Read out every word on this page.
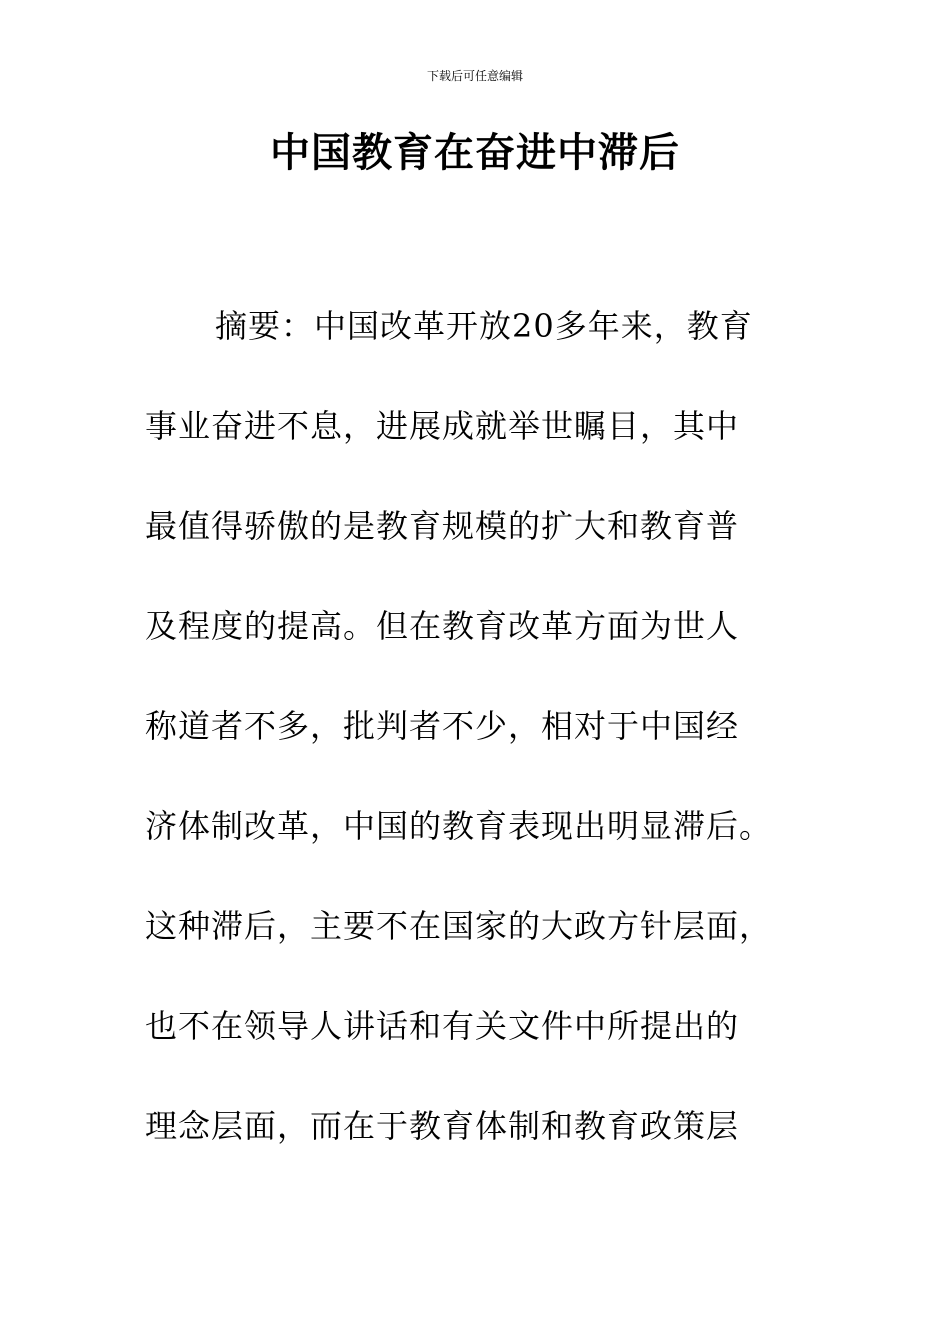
下载后可任意编辑
中国教育在奋进中滞后
摘要：中国改革开放20多年来，教育
事业奋进不息，进展成就举世瞩目，其中
最值得骄傲的是教育规模的扩大和教育普
及程度的提高。但在教育改革方面为世人
称道者不多，批判者不少，相对于中国经
济体制改革，中国的教育表现出明显滞后。
这种滞后，主要不在国家的大政方针层面，
也不在领导人讲话和有关文件中所提出的
理念层面，而在于教育体制和教育政策层
